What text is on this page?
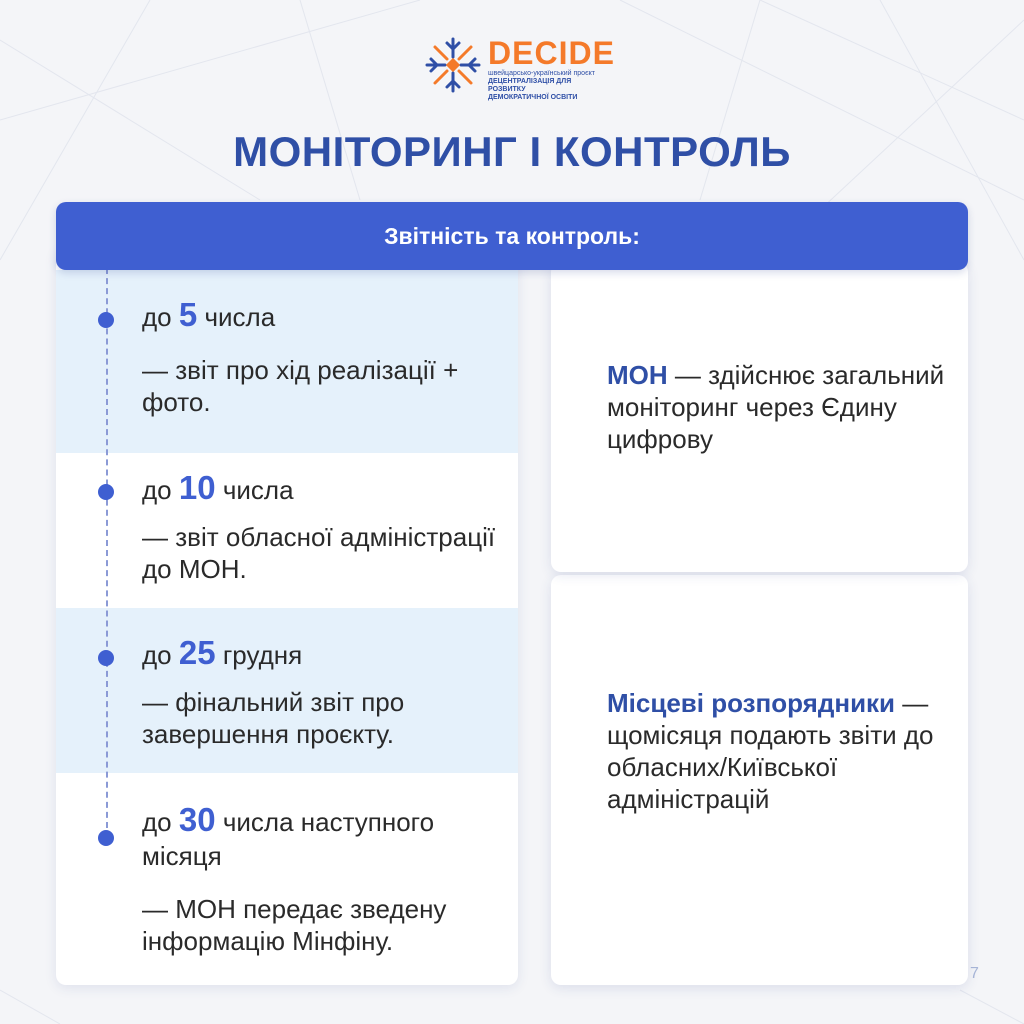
DECIDE
швейцарсько-український проєкт
ДЕЦЕНТРАЛІЗАЦІЯ ДЛЯ РОЗВИТКУ
ДЕМОКРАТИЧНОЇ ОСВІТИ
МОНІТОРИНГ І КОНТРОЛЬ
Звітність та контроль:
до 5 числа
— звіт про хід реалізації + фото.
до 10 числа
— звіт обласної адміністрації до МОН.
до 25 грудня
— фінальний звіт про завершення проєкту.
до 30 числа наступного місяця
— МОН передає зведену інформацію Мінфіну.
МОН — здійснює загальний моніторинг через Єдину цифрову
Місцеві розпорядники — щомісяця подають звіти до обласних/Київської адміністрацій
7
